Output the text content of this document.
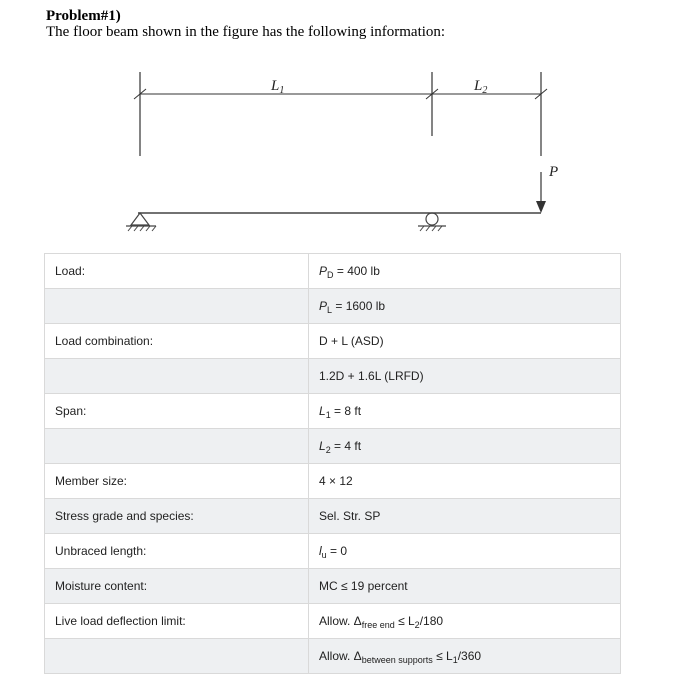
Problem#1)
The floor beam shown in the figure has the following information:
$L_1$	$L_2$
P
Load:	$P_D = 400$ lb
	$P_L = 1600$ lb
Load combination:	D + L (ASD)
	1.2D + 1.6L (LRFD)
Span:	$L_1 = 8$ ft
	$L_2 = 4$ ft
Member size:	4 × 12
Stress grade and species:	Sel. Str. SP
Unbraced length:	$l_u = 0$
Moisture content:	MC ≤ 19 percent
Live load deflection limit:	Allow. $\Delta_{free end} \le L_2/180$
	Allow. $\Delta_{between supports} \le L_1/360$
